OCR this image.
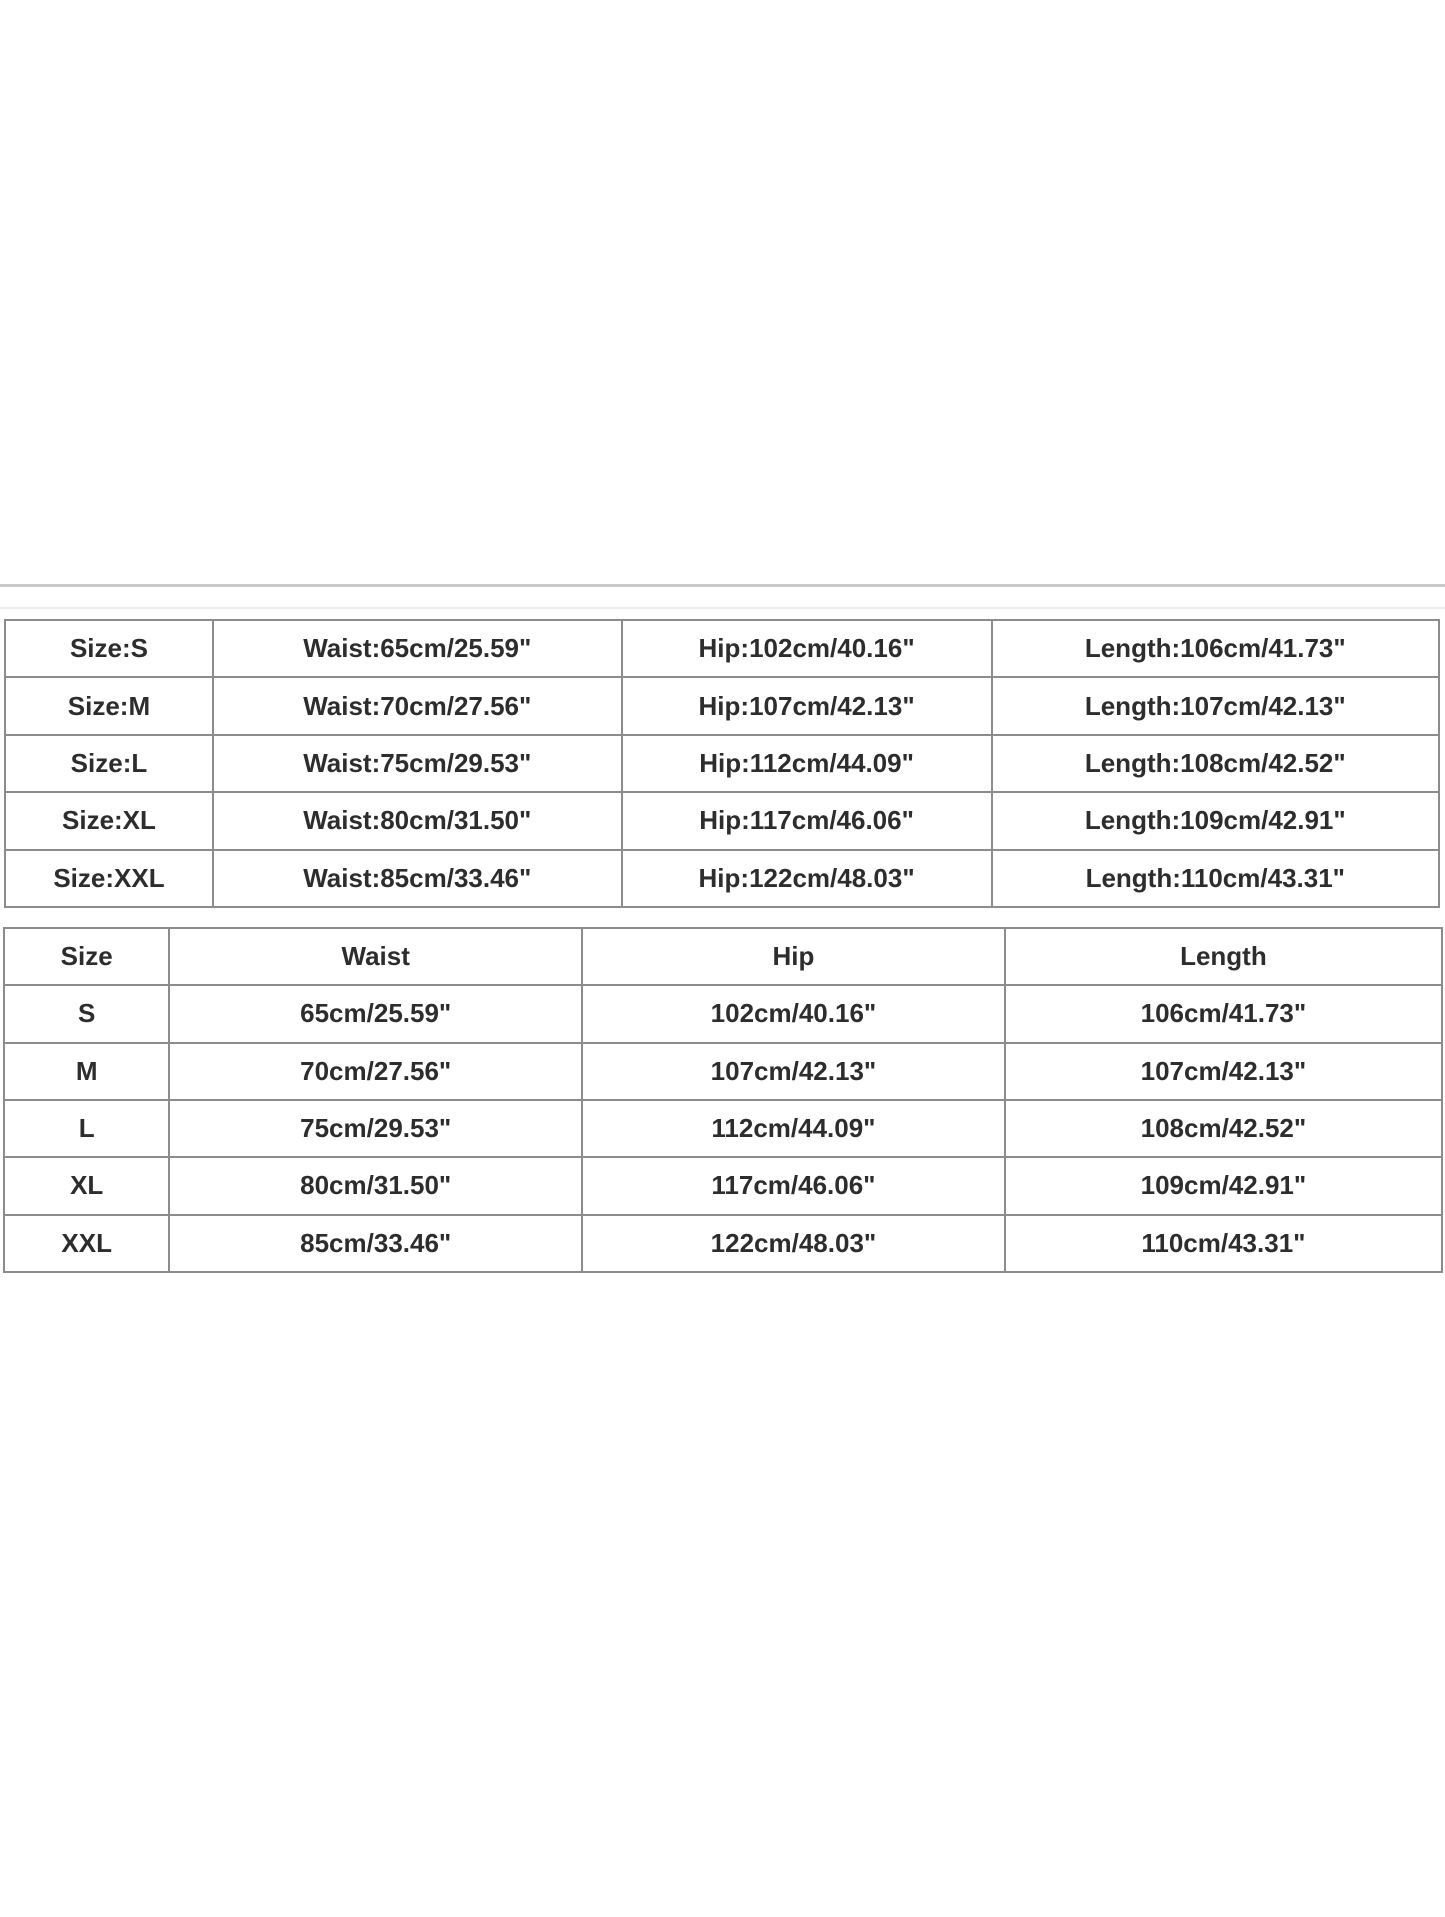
Size:S	Waist:65cm/25.59"	Hip:102cm/40.16"	Length:106cm/41.73"
Size:M	Waist:70cm/27.56"	Hip:107cm/42.13"	Length:107cm/42.13"
Size:L	Waist:75cm/29.53"	Hip:112cm/44.09"	Length:108cm/42.52"
Size:XL	Waist:80cm/31.50"	Hip:117cm/46.06"	Length:109cm/42.91"
Size:XXL	Waist:85cm/33.46"	Hip:122cm/48.03"	Length:110cm/43.31"
Size	Waist	Hip	Length
S	65cm/25.59"	102cm/40.16"	106cm/41.73"
M	70cm/27.56"	107cm/42.13"	107cm/42.13"
L	75cm/29.53"	112cm/44.09"	108cm/42.52"
XL	80cm/31.50"	117cm/46.06"	109cm/42.91"
XXL	85cm/33.46"	122cm/48.03"	110cm/43.31"
